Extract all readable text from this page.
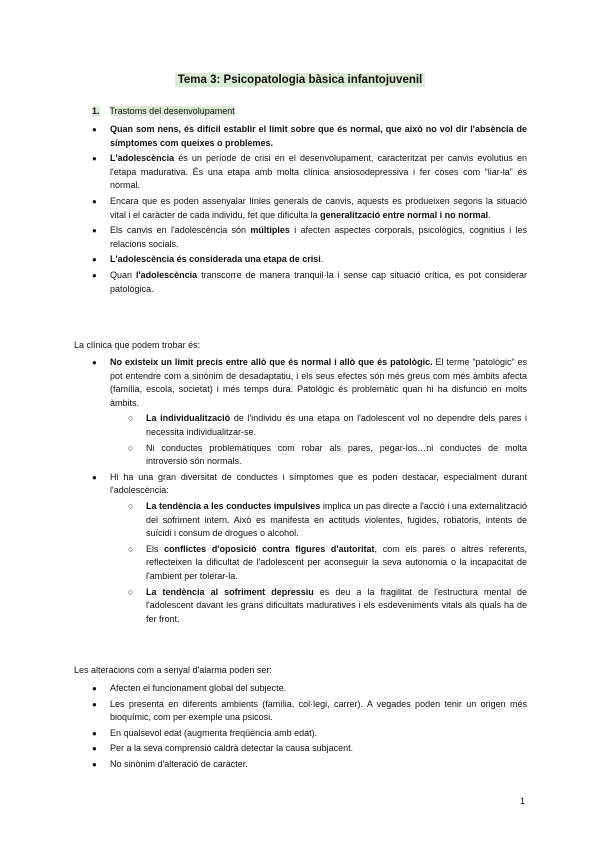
Tema 3: Psicopatologia bàsica infantojuvenil
1. Trastoms del desenvolupament
● Quan som nens, és difícil establir el límit sobre que és normal, que això no vol dir l'absència de símptomes com queixes o problemes.
● L'adolescència és un període de crisi en el desenvolupament, caracteritzat per canvis evolutius en l'etapa madurativa. És una etapa amb molta clínica ansiosodepressiva i fer coses com “liar-la” és normal.
● Encara que es poden assenyalar línies generals de canvis, aquests es produeixen segons la situació vital i el caràcter de cada individu, fet que dificulta la generalització entre normal i no normal.
● Els canvis en l'adolescència són múltiples i afecten aspectes corporals, psicològics, cognitius i les relacions socials.
● L'adolescència és considerada una etapa de crisi.
● Quan l'adolescència transcorre de manera tranquil·la i sense cap situació crítica, es pot considerar patològica.
La clínica que podem trobar és:
● No existeix un límit precís entre allò que és normal i allò que és patològic. El terme “patològic” es pot entendre com a sinònim de desadaptatiu, i els seus efectes són més greus com més àmbits afecta (família, escola, societat) i més temps dura. Patològic és problemàtic quan hi ha disfunció en molts àmbits.
○ La individualització de l'individu és una etapa on l'adolescent vol no dependre dels pares i necessita individualitzar-se.
○ Ni conductes problemàtiques com robar als pares, pegar-los…ni conductes de molta introversió són normals.
● Hi ha una gran diversitat de conductes i símptomes que es poden destacar, especialment durant l'adolescència:
○ La tendència a les conductes impulsives implica un pas directe a l'acció i una externalització del sofriment intern. Això es manifesta en actituds violentes, fugides, robatoris, intents de suïcidi i consum de drogues o alcohol.
○ Els conflictes d'oposició contra figures d'autoritat, com els pares o altres referents, reflecteixen la dificultat de l'adolescent per aconseguir la seva autonomia o la incapacitat de l'ambient per tolerar-la.
○ La tendència al sofriment depressiu es deu a la fragilitat de l'estructura mental de l'adolescent davant les grans dificultats maduratives i els esdeveniments vitals als quals ha de fer front.
Les alteracions com a senyal d'alarma poden ser:
● Afecten el funcionament global del subjecte.
● Les presenta en diferents ambients (família, col·legi, carrer). A vegades poden tenir un origen més bioquímic, com per exemple una psicosi.
● En qualsevol edat (augmenta freqüència amb edat).
● Per a la seva comprensió caldrà detectar la causa subjacent.
● No sinònim d'alteració de caràcter.
1
